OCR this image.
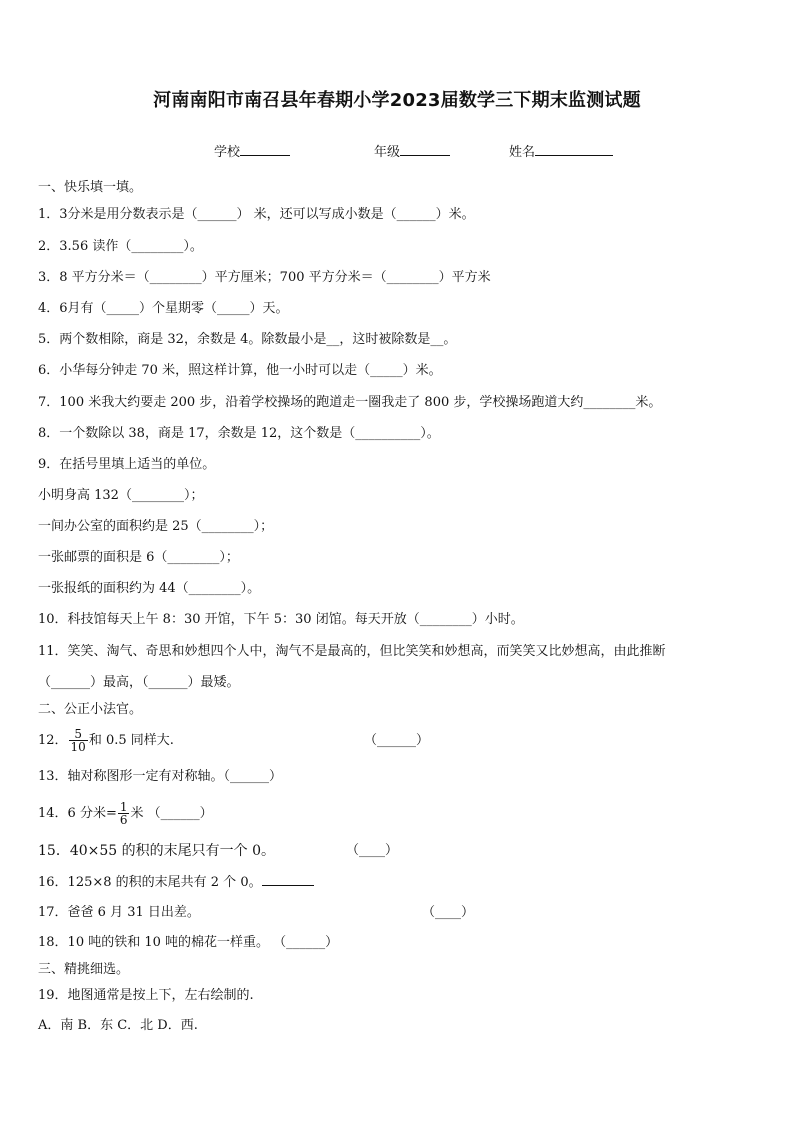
河南南阳市南召县年春期小学2023届数学三下期末监测试题
学校	年级	姓名
一、快乐填一填。
1．3分米是用分数表示是（______） 米，还可以写成小数是（______）米。
2．3.56 读作（________）。
3．8 平方分米＝（________）平方厘米；700 平方分米＝（________）平方米
4．6月有（_____）个星期零（_____）天。
5．两个数相除，商是 32，余数是 4。除数最小是__，这时被除数是__。
6．小华每分钟走 70 米，照这样计算，他一小时可以走（_____）米。
7．100 米我大约要走 200 步，沿着学校操场的跑道走一圈我走了 800 步，学校操场跑道大约________米。
8．一个数除以 38，商是 17，余数是 12，这个数是（__________）。
9．在括号里填上适当的单位。
小明身高 132（________）；
一间办公室的面积约是 25（________）；
一张邮票的面积是 6（________）；
一张报纸的面积约为 44（________）。
10．科技馆每天上午 8：30 开馆，下午 5：30 闭馆。每天开放（________）小时。
11．笑笑、淘气、奇思和妙想四个人中，淘气不是最高的，但比笑笑和妙想高，而笑笑又比妙想高，由此推断
（______）最高，（______）最矮。
二、公正小法官。
12． $\frac{5}{10}$ 和 0.5 同样大.	（______）
13．轴对称图形一定有对称轴。（______）
14．6 分米= $\frac{1}{6}$ 米 （______）
15．40×55 的积的末尾只有一个 0。	（____）
16．125×8 的积的末尾共有 2 个 0。
17．爸爸 6 月 31 日出差。	（____）
18．10 吨的铁和 10 吨的棉花一样重。 （______）
三、精挑细选。
19．地图通常是按上下，左右绘制的.
A．南 B．东 C．北 D．西.
